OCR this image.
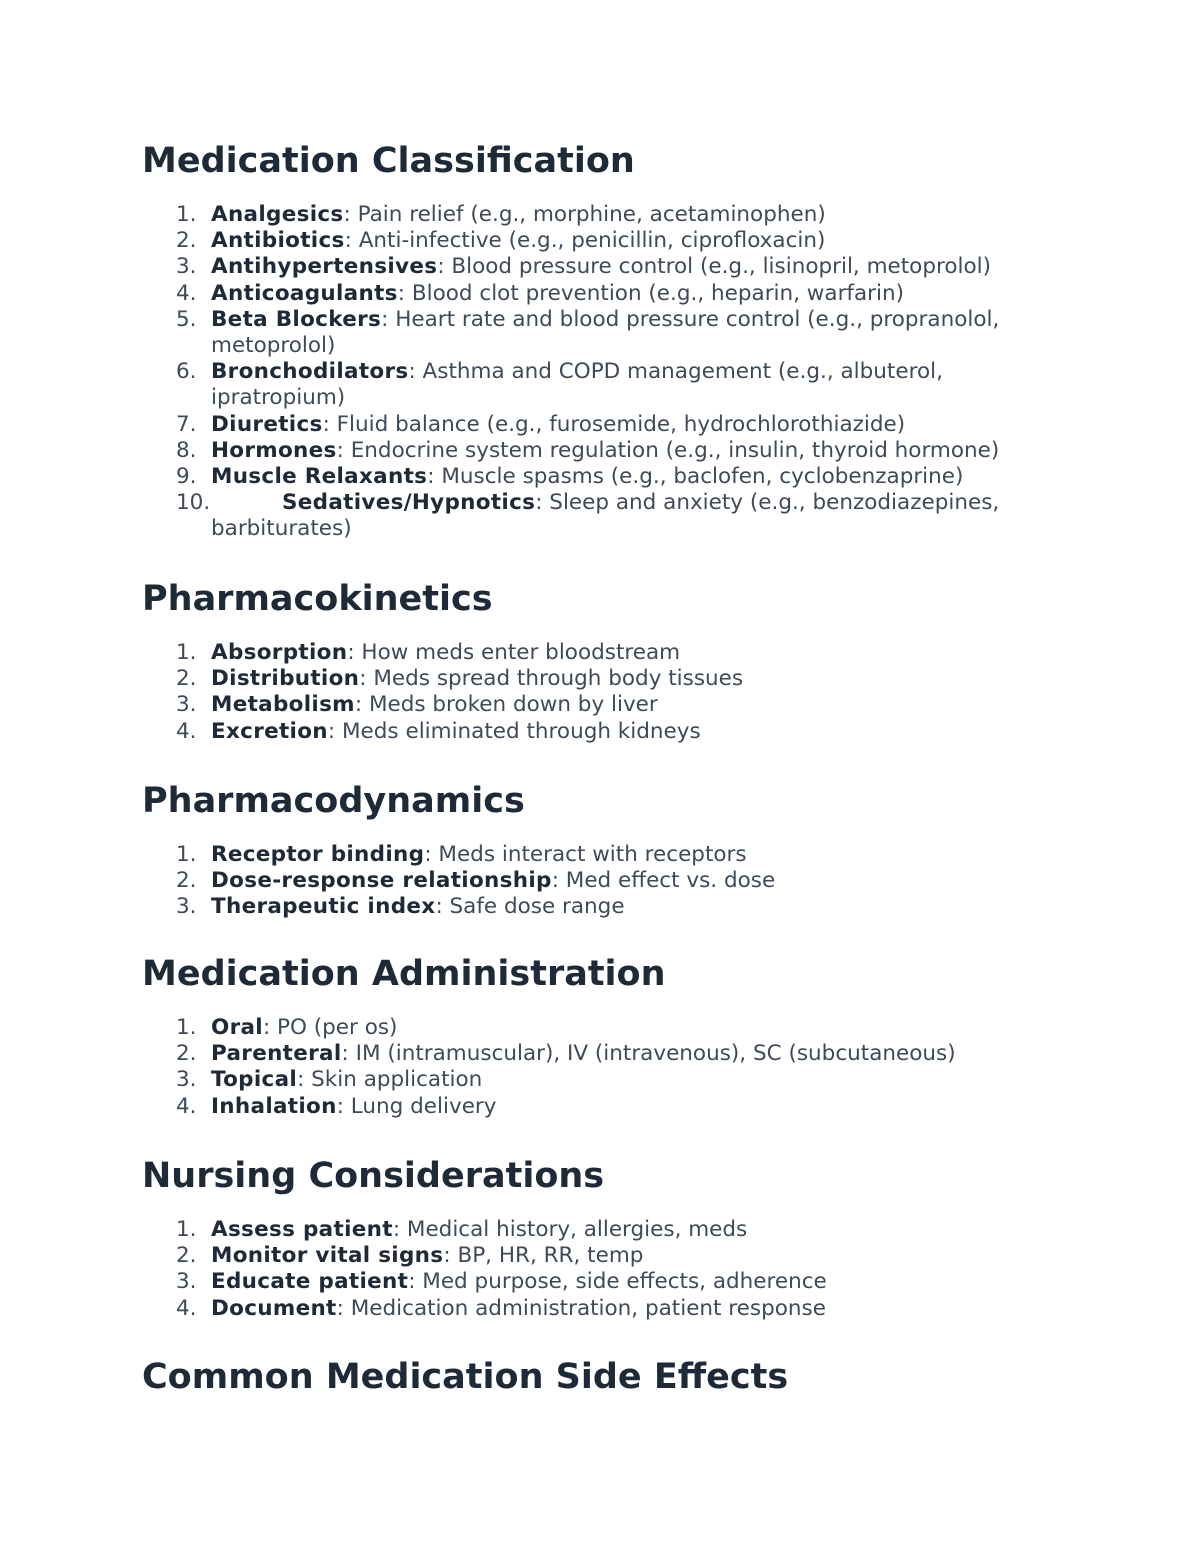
Medication Classification
1. Analgesics: Pain relief (e.g., morphine, acetaminophen)
2. Antibiotics: Anti-infective (e.g., penicillin, ciprofloxacin)
3. Antihypertensives: Blood pressure control (e.g., lisinopril, metoprolol)
4. Anticoagulants: Blood clot prevention (e.g., heparin, warfarin)
5. Beta Blockers: Heart rate and blood pressure control (e.g., propranolol, metoprolol)
6. Bronchodilators: Asthma and COPD management (e.g., albuterol, ipratropium)
7. Diuretics: Fluid balance (e.g., furosemide, hydrochlorothiazide)
8. Hormones: Endocrine system regulation (e.g., insulin, thyroid hormone)
9. Muscle Relaxants: Muscle spasms (e.g., baclofen, cyclobenzaprine)
10.	Sedatives/Hypnotics: Sleep and anxiety (e.g., benzodiazepines, barbiturates)
Pharmacokinetics
1. Absorption: How meds enter bloodstream
2. Distribution: Meds spread through body tissues
3. Metabolism: Meds broken down by liver
4. Excretion: Meds eliminated through kidneys
Pharmacodynamics
1. Receptor binding: Meds interact with receptors
2. Dose-response relationship: Med effect vs. dose
3. Therapeutic index: Safe dose range
Medication Administration
1. Oral: PO (per os)
2. Parenteral: IM (intramuscular), IV (intravenous), SC (subcutaneous)
3. Topical: Skin application
4. Inhalation: Lung delivery
Nursing Considerations
1. Assess patient: Medical history, allergies, meds
2. Monitor vital signs: BP, HR, RR, temp
3. Educate patient: Med purpose, side effects, adherence
4. Document: Medication administration, patient response
Common Medication Side Effects
